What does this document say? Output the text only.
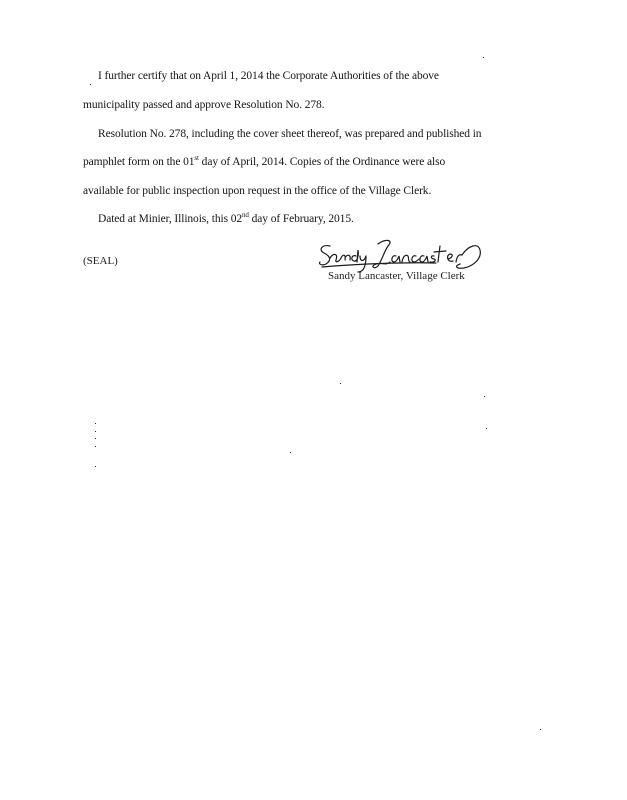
I further certify that on April 1, 2014 the Corporate Authorities of the above
municipality passed and approve Resolution No. 278.
Resolution No. 278, including the cover sheet thereof, was prepared and published in
pamphlet form on the 01st day of April, 2014. Copies of the Ordinance were also
available for public inspection upon request in the office of the Village Clerk.
Dated at Minier, Illinois, this 02nd day of February, 2015.
(SEAL)
Sandy Lancaster, Village Clerk
